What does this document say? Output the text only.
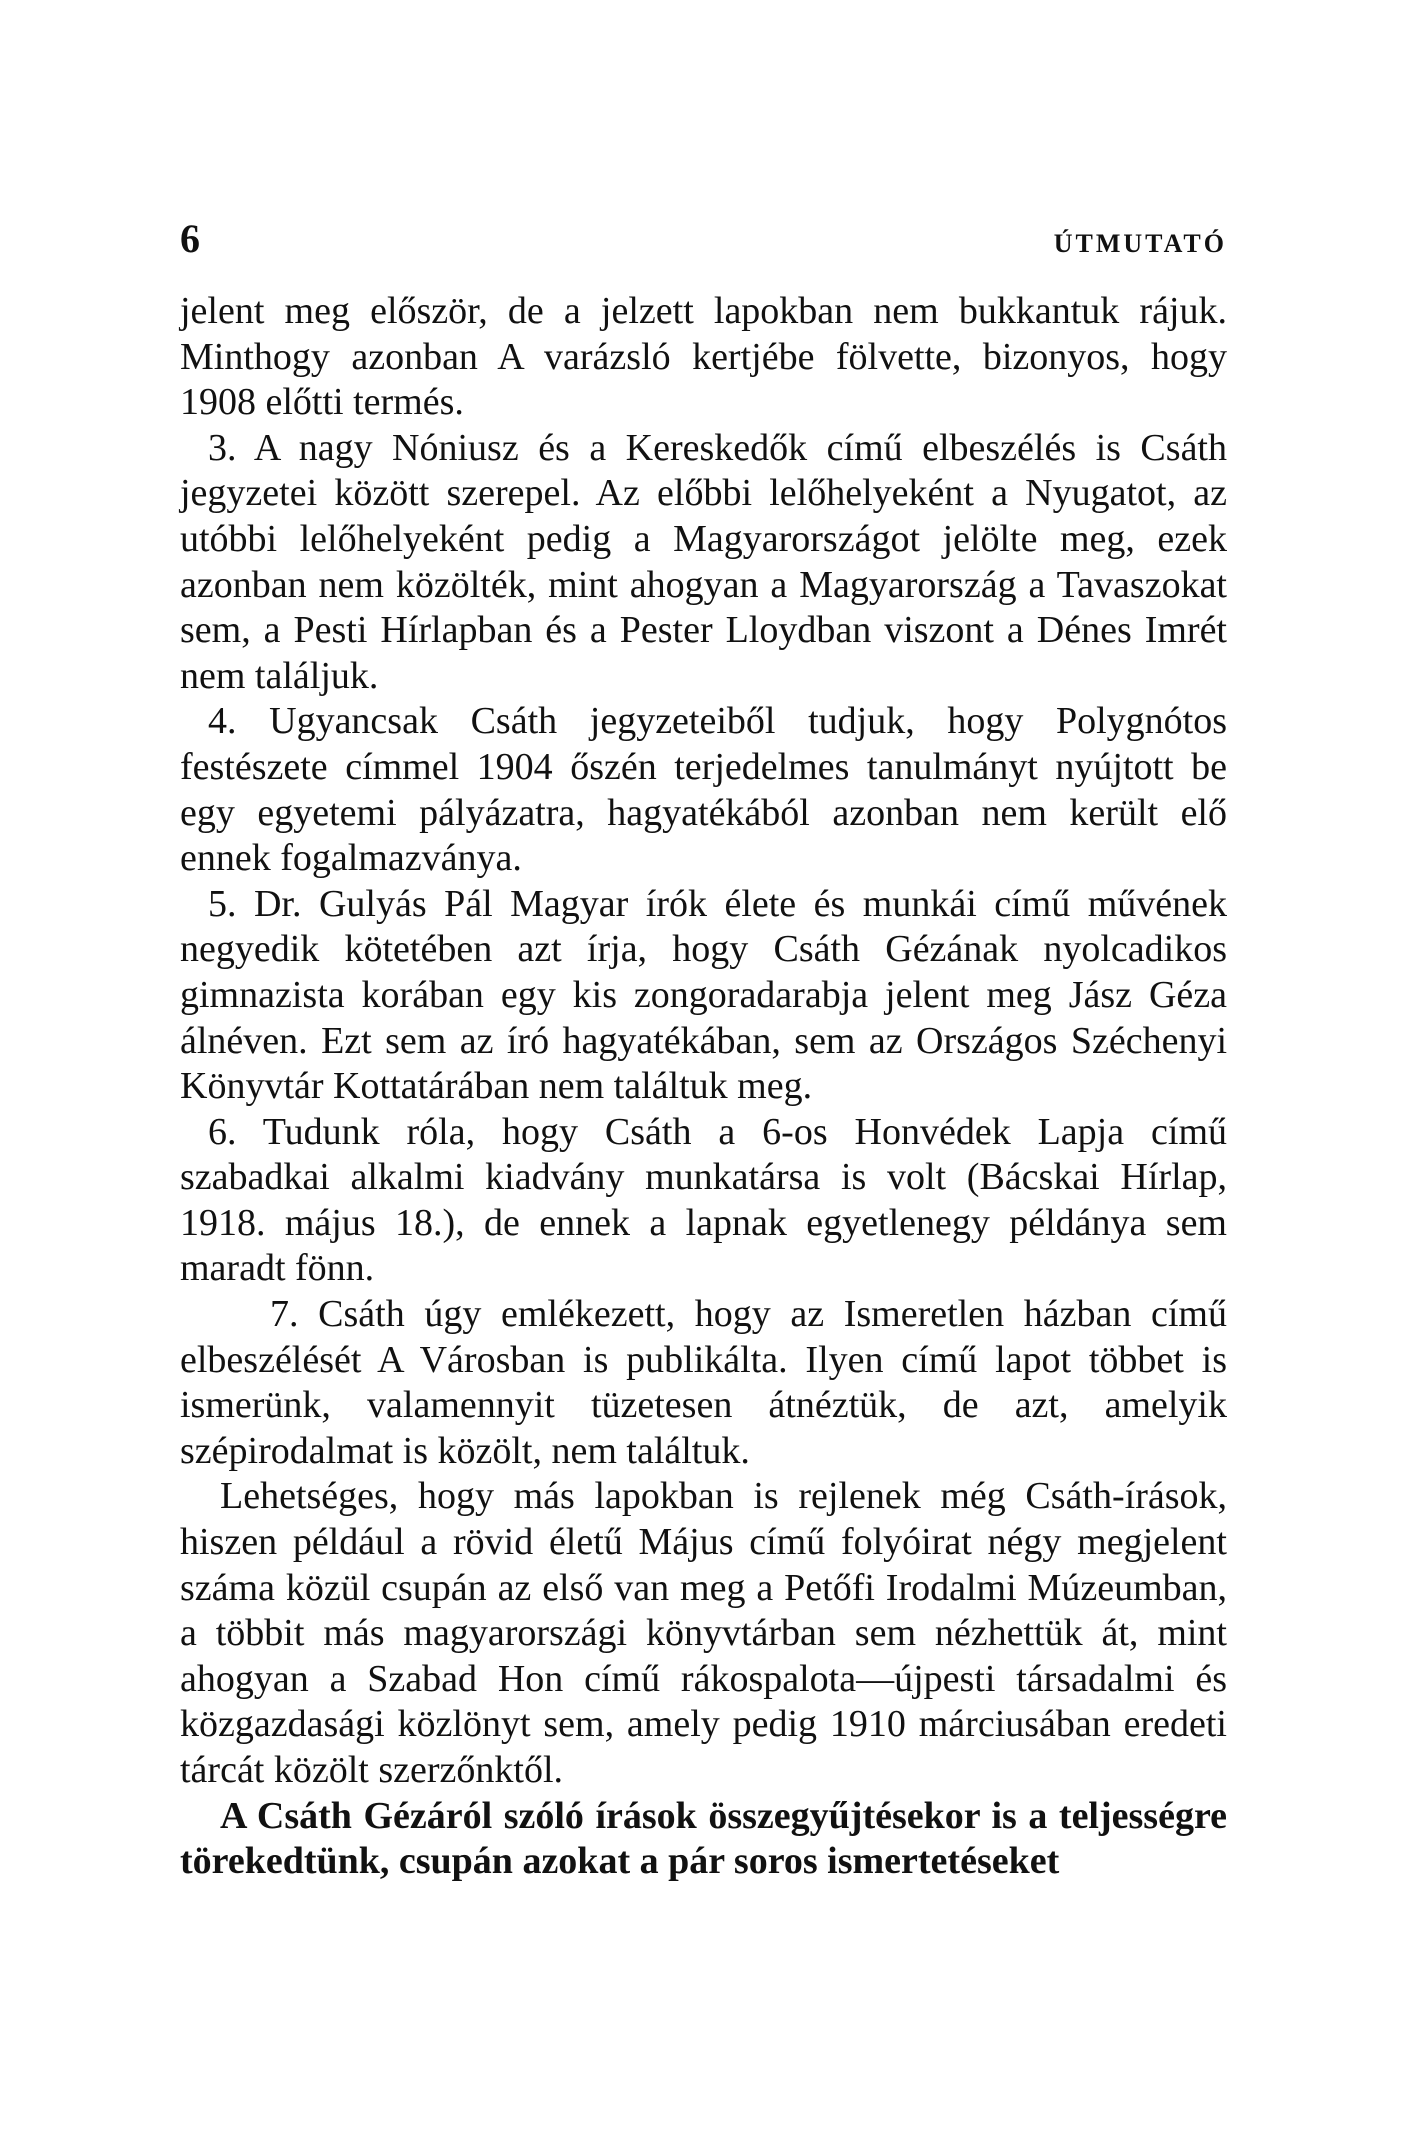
6	ÚTMUTATÓ

jelent meg először, de a jelzett lapokban nem bukkantuk rájuk. Minthogy azonban A varázsló kertjébe fölvette, bizonyos, hogy 1908 előtti termés.

3. A nagy Nóniusz és a Kereskedők című elbeszélés is Csáth jegyzetei között szerepel. Az előbbi lelőhelyeként a Nyugatot, az utóbbi lelőhelyeként pedig a Magyarországot jelölte meg, ezek azonban nem közölték, mint ahogyan a Magyarország a Tavaszokat sem, a Pesti Hírlapban és a Pester Lloydban viszont a Dénes Imrét nem találjuk.

4. Ugyancsak Csáth jegyzeteiből tudjuk, hogy Polygnótos festészete címmel 1904 őszén terjedelmes tanulmányt nyújtott be egy egyetemi pályázatra, hagyatékából azonban nem került elő ennek fogalmazványa.

5. Dr. Gulyás Pál Magyar írók élete és munkái című művének negyedik kötetében azt írja, hogy Csáth Gézának nyolcadikos gimnazista korában egy kis zongoradarabja jelent meg Jász Géza álnéven. Ezt sem az író hagyatékában, sem az Országos Széchenyi Könyvtár Kottatárában nem találtuk meg.

6. Tudunk róla, hogy Csáth a 6-os Honvédek Lapja című szabadkai alkalmi kiadvány munkatársa is volt (Bácskai Hírlap, 1918. május 18.), de ennek a lapnak egyetlenegy példánya sem maradt fönn.

7. Csáth úgy emlékezett, hogy az Ismeretlen házban című elbeszélését A Városban is publikálta. Ilyen című lapot többet is ismerünk, valamennyit tüzetesen átnéztük, de azt, amelyik szépirodalmat is közölt, nem találtuk.

Lehetséges, hogy más lapokban is rejlenek még Csáth-írások, hiszen például a rövid életű Május című folyóirat négy megjelent száma közül csupán az első van meg a Petőfi Irodalmi Múzeumban, a többit más magyarországi könyvtárban sem nézhettük át, mint ahogyan a Szabad Hon című rákospalota—újpesti társadalmi és közgazdasági közlönyt sem, amely pedig 1910 márciusában eredeti tárcát közölt szerzőnktől.

A Csáth Gézáról szóló írások összegyűjtésekor is a teljességre törekedtünk, csupán azokat a pár soros ismertetéseket
